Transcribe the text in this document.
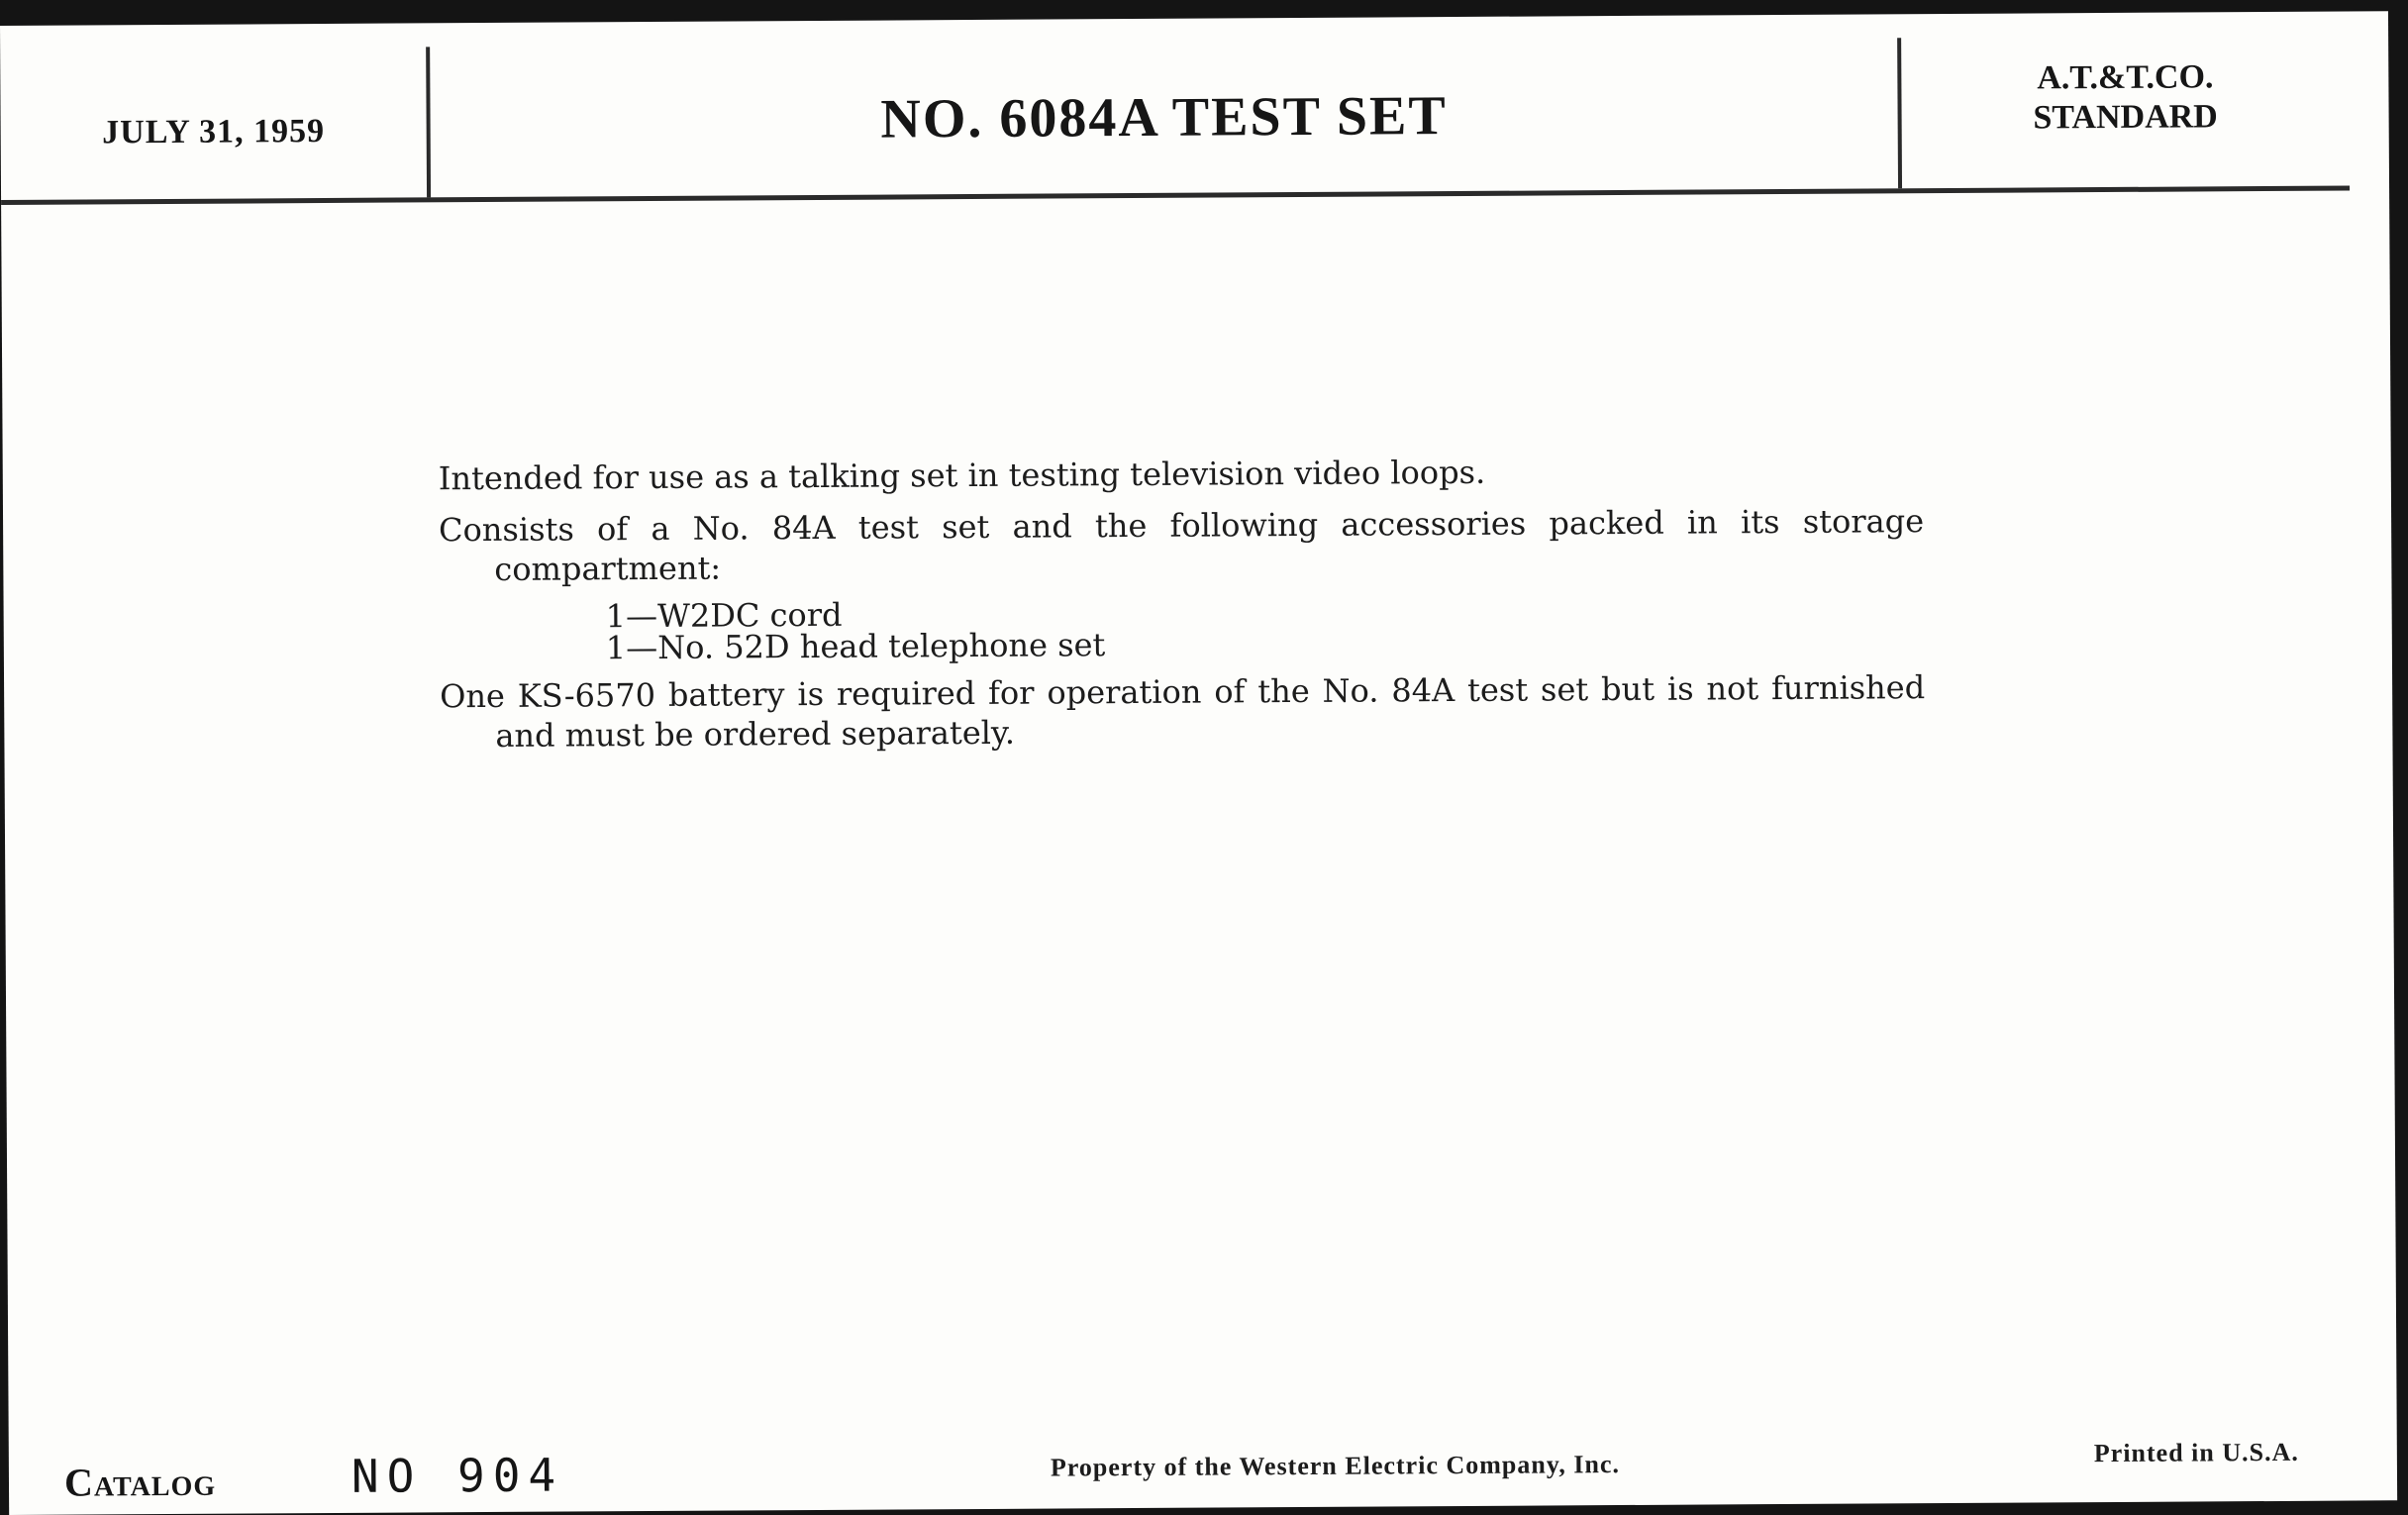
JULY 31, 1959	NO. 6084A TEST SET
A.T.&T.CO.
STANDARD

Intended for use as a talking set in testing television video loops.

Consists of a No. 84A test set and the following accessories packed in its storage compartment:

1—W2DC cord
1—No. 52D head telephone set

One KS-6570 battery is required for operation of the No. 84A test set but is not furnished and must be ordered separately.

Catalog	NO 904	Property of the Western Electric Company, Inc.	Printed in U.S.A.
